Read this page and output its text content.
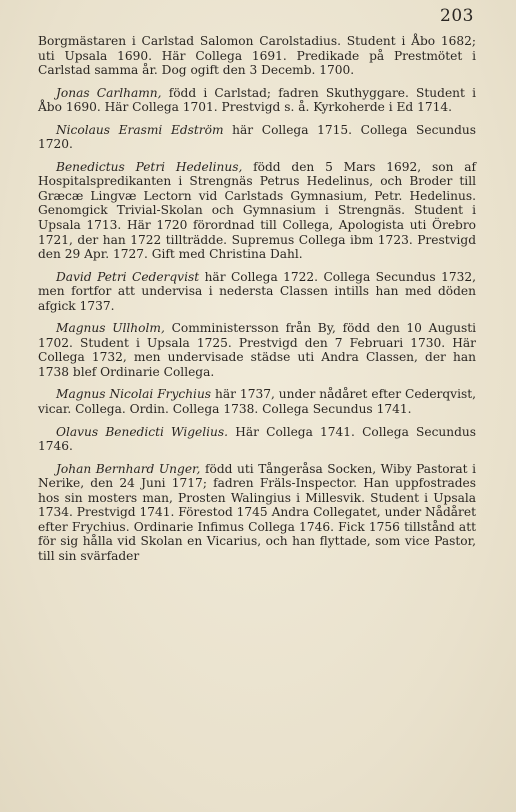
203

Borgmästaren i Carlstad Salomon Carolstadius. Student i Åbo 1682; uti Upsala 1690. Här Collega 1691. Predikade på Prestmötet i Carlstad samma år. Dog ogift den 3 Decemb. 1700.

Jonas Carlhamn, född i Carlstad; fadren Skuthyggare. Student i Åbo 1690. Här Collega 1701. Prestvigd s. å. Kyrkoherde i Ed 1714.

Nicolaus Erasmi Edström här Collega 1715. Collega Secundus 1720.

Benedictus Petri Hedelinus, född den 5 Mars 1692, son af Hospitalspredikanten i Strengnäs Petrus Hedelinus, och Broder till Græcæ Lingvæ Lectorn vid Carlstads Gymnasium, Petr. Hedelinus. Genomgick Trivial-Skolan och Gymnasium i Strengnäs. Student i Upsala 1713. Här 1720 förordnad till Collega, Apologista uti Örebro 1721, der han 1722 tillträdde. Supremus Collega ibm 1723. Prestvigd den 29 Apr. 1727. Gift med Christina Dahl.

David Petri Cederqvist här Collega 1722. Collega Secundus 1732, men fortfor att undervisa i nedersta Classen intills han med döden afgick 1737.

Magnus Ullholm, Comministersson från By, född den 10 Augusti 1702. Student i Upsala 1725. Prestvigd den 7 Februari 1730. Här Collega 1732, men undervisade städse uti Andra Classen, der han 1738 blef Ordinarie Collega.

Magnus Nicolai Frychius här 1737, under nådåret efter Cederqvist, vicar. Collega. Ordin. Collega 1738. Collega Secundus 1741.

Olavus Benedicti Wigelius. Här Collega 1741. Collega Secundus 1746.

Johan Bernhard Unger, född uti Tångeråsa Socken, Wiby Pastorat i Nerike, den 24 Juni 1717; fadren Fräls-Inspector. Han uppfostrades hos sin mosters man, Prosten Walingius i Millesvik. Student i Upsala 1734. Prestvigd 1741. Förestod 1745 Andra Collegatet, under Nådåret efter Frychius. Ordinarie Infimus Collega 1746. Fick 1756 tillstånd att för sig hålla vid Skolan en Vicarius, och han flyttade, som vice Pastor, till sin svärfader
